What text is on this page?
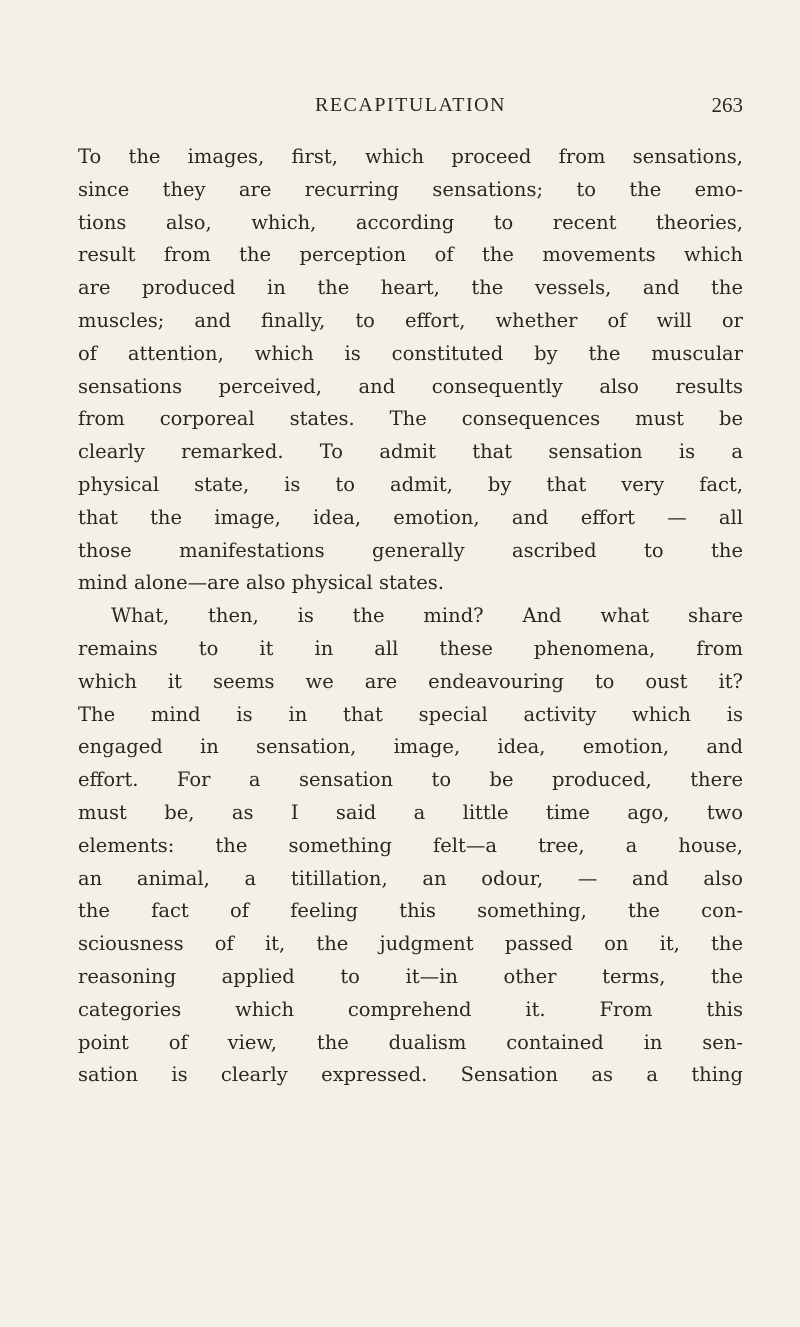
RECAPITULATION	263
To the images, first, which proceed from sensations,
since they are recurring sensations; to the emo-
tions also, which, according to recent theories,
result from the perception of the movements which
are produced in the heart, the vessels, and the
muscles; and finally, to effort, whether of will or
of attention, which is constituted by the muscular
sensations perceived, and consequently also results
from corporeal states. The consequences must be
clearly remarked. To admit that sensation is a
physical state, is to admit, by that very fact,
that the image, idea, emotion, and effort — all
those manifestations generally ascribed to the
mind alone—are also physical states.
What, then, is the mind? And what share
remains to it in all these phenomena, from
which it seems we are endeavouring to oust it?
The mind is in that special activity which is
engaged in sensation, image, idea, emotion, and
effort. For a sensation to be produced, there
must be, as I said a little time ago, two
elements: the something felt—a tree, a house,
an animal, a titillation, an odour, — and also
the fact of feeling this something, the con-
sciousness of it, the judgment passed on it, the
reasoning applied to it—in other terms, the
categories which comprehend it. From this
point of view, the dualism contained in sen-
sation is clearly expressed. Sensation as a thing
